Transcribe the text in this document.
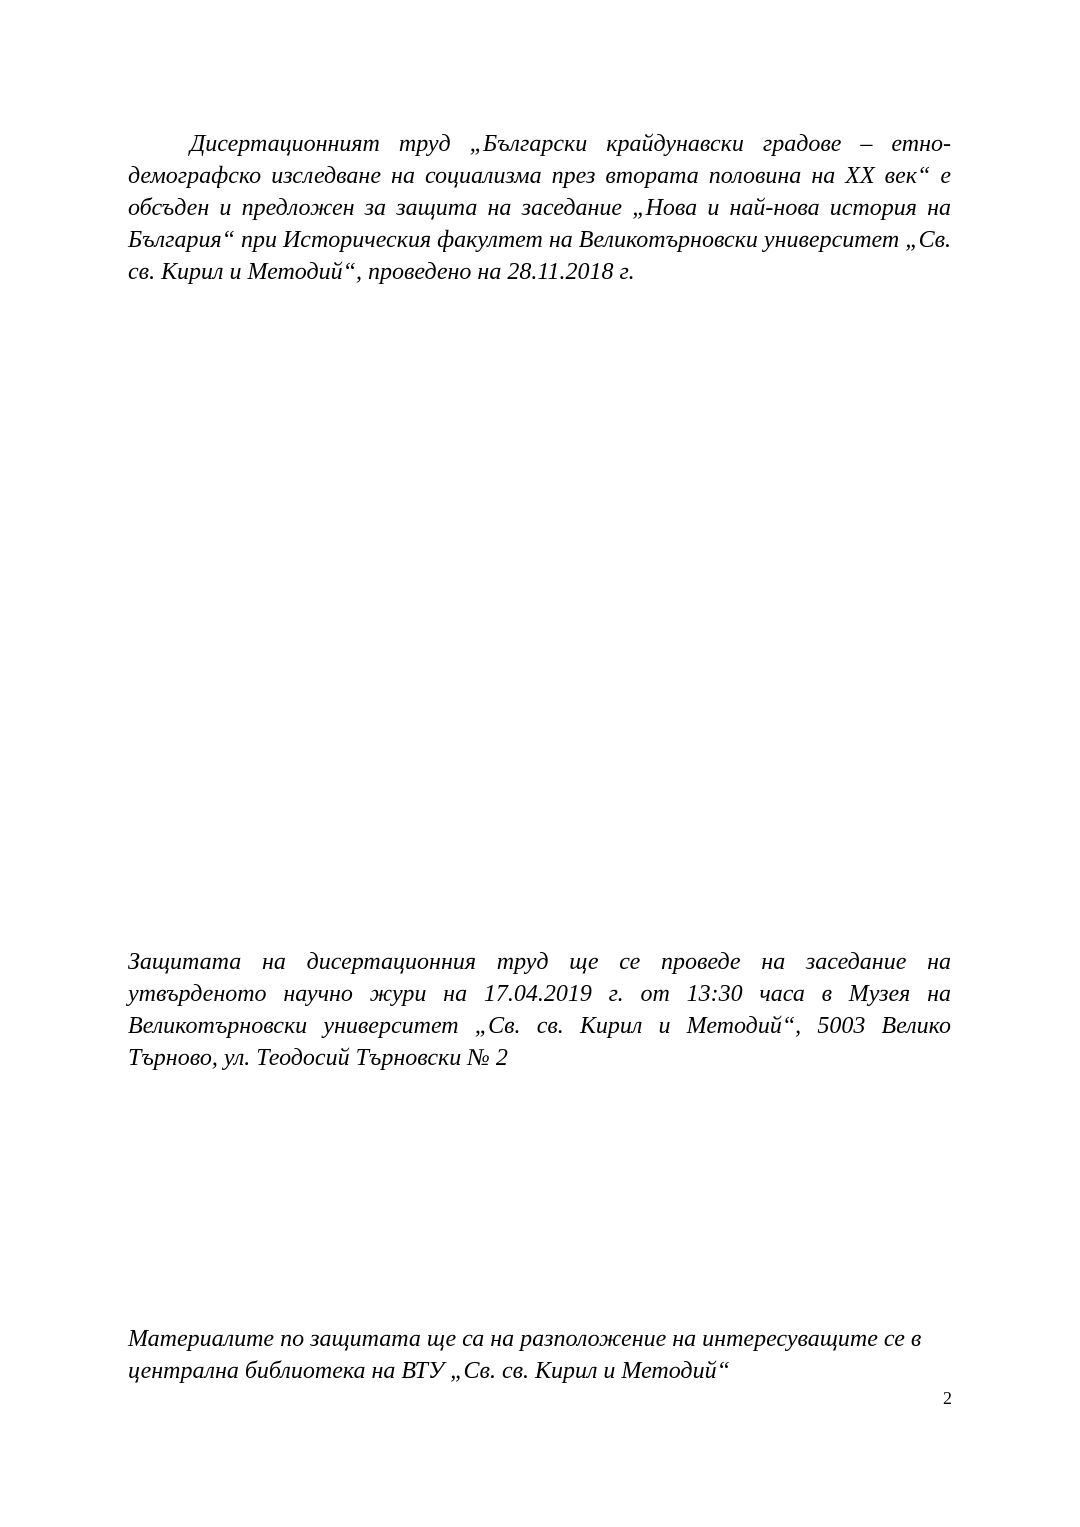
Дисертационният труд „Български крайдунавски градове – етно-демографско изследване на социализма през втората половина на ХХ век“ е обсъден и предложен за защита на заседание „Нова и най-нова история на България“ при Историческия факултет на Великотърновски университет „Св. св. Кирил и Методий“, проведено на 28.11.2018 г.

Защитата на дисертационния труд ще се проведе на заседание на утвърденото научно жури на 17.04.2019 г. от 13:30 часа в Музея на Великотърновски университет „Св. св. Кирил и Методий“, 5003 Велико Търново, ул. Теодосий Търновски № 2

Материалите по защитата ще са на разположение на интересуващите се в централна библиотека на ВТУ „Св. св. Кирил и Методий“

2
